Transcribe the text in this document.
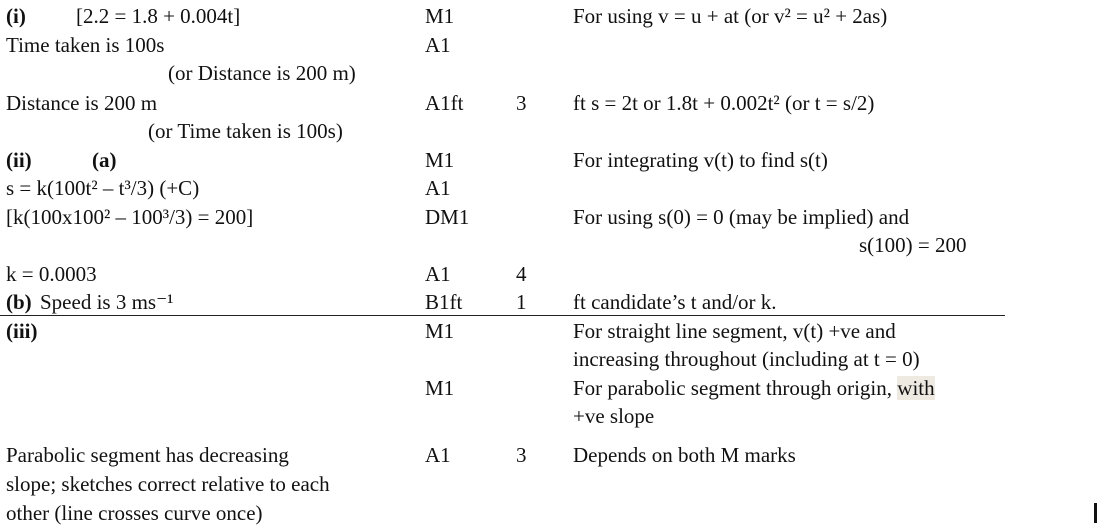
(i) [2.2 = 1.8 + 0.004t]	M1	For using v = u + at (or v² = u² + 2as)
Time taken is 100s	A1
(or Distance is 200 m)
Distance is 200 m	A1ft	3 ft s = 2t or 1.8t + 0.002t² (or t = s/2)
(or Time taken is 100s)
(ii)	(a)	M1	For integrating v(t) to find s(t)
s = k(100t² – t³/3) (+C)	A1
[k(100x100² – 100³/3) = 200]	DM1	For using s(0) = 0 (may be implied) and
s(100) = 200
k = 0.0003	A1	4
(b) Speed is 3 ms⁻¹	B1ft	1 ft candidate’s t and/or k.
(iii)	M1	For straight line segment, v(t) +ve and
increasing throughout (including at t = 0)
M1	For parabolic segment through origin, with
+ve slope
Parabolic segment has decreasing	A1	3 Depends on both M marks
slope; sketches correct relative to each
other (line crosses curve once)
